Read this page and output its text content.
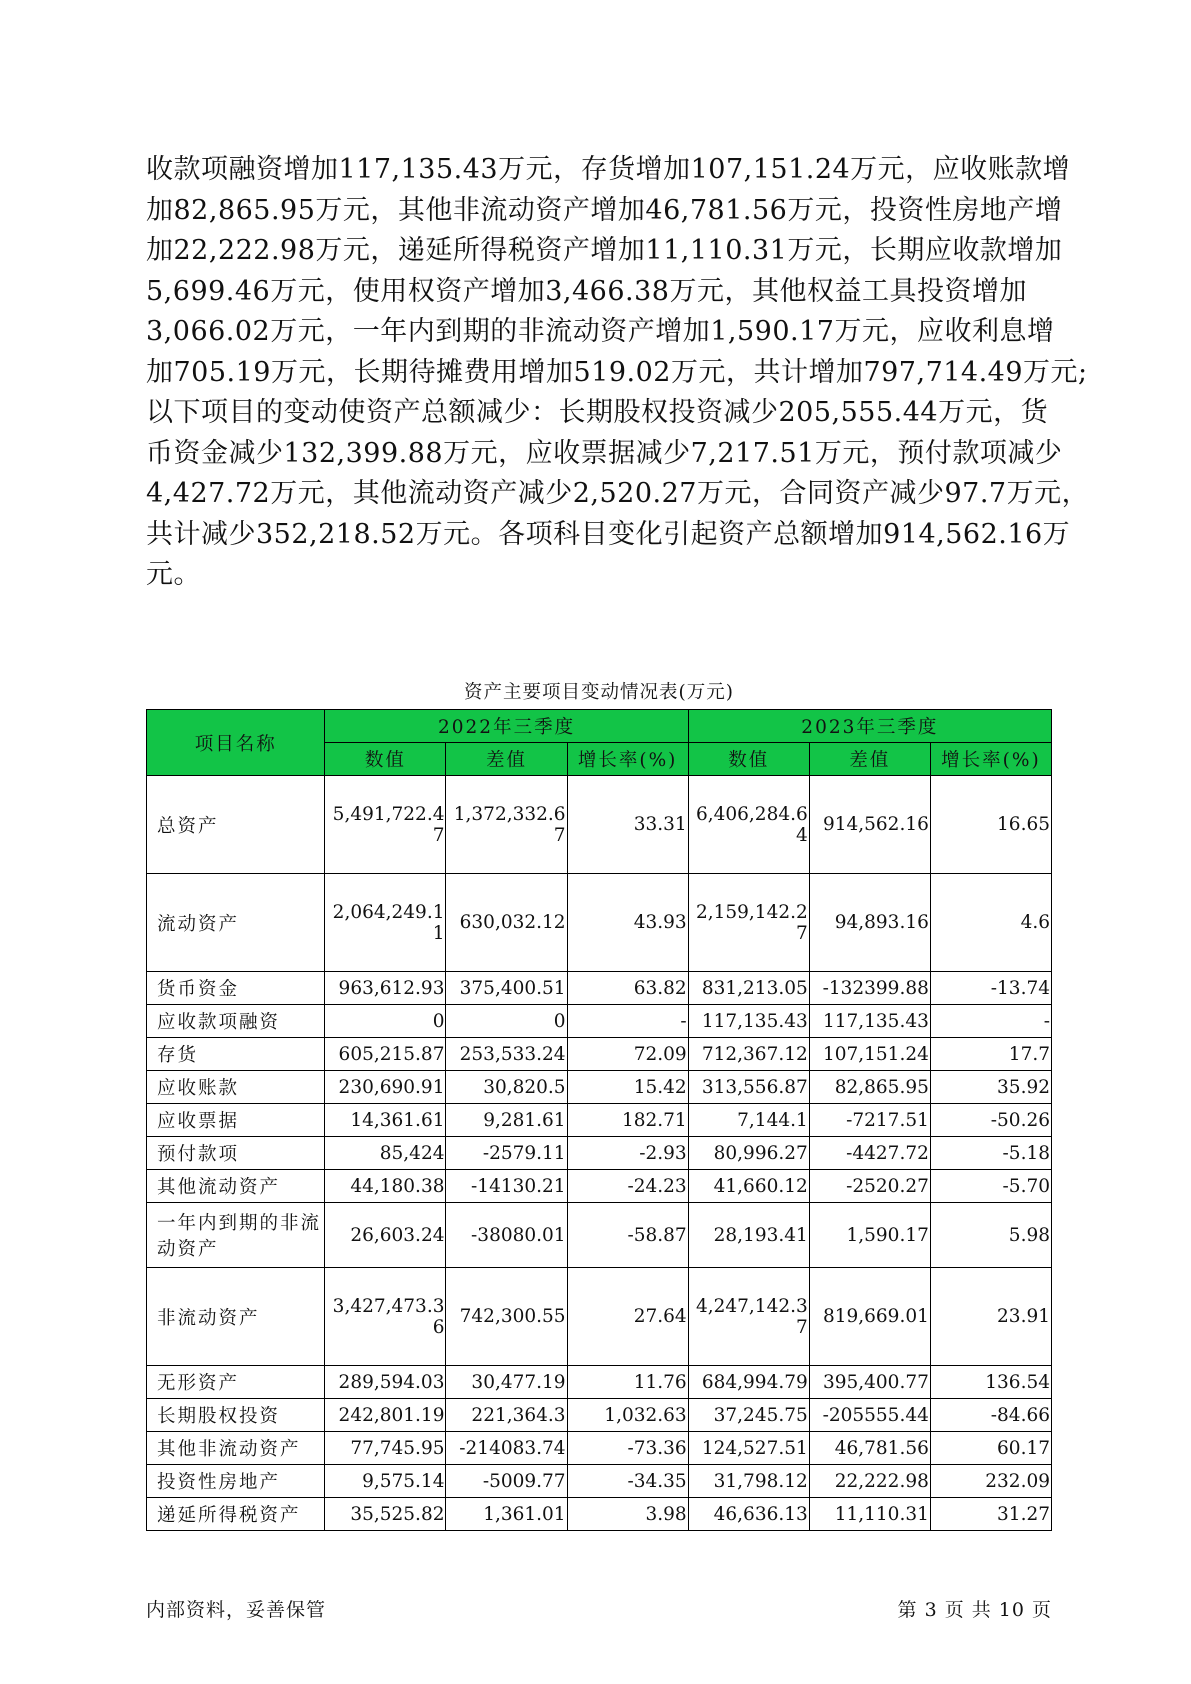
收款项融资增加117,135.43万元，存货增加107,151.24万元，应收账款增
加82,865.95万元，其他非流动资产增加46,781.56万元，投资性房地产增
加22,222.98万元，递延所得税资产增加11,110.31万元，长期应收款增加
5,699.46万元，使用权资产增加3,466.38万元，其他权益工具投资增加
3,066.02万元，一年内到期的非流动资产增加1,590.17万元，应收利息增
加705.19万元，长期待摊费用增加519.02万元，共计增加797,714.49万元;
以下项目的变动使资产总额减少：长期股权投资减少205,555.44万元，货
币资金减少132,399.88万元，应收票据减少7,217.51万元，预付款项减少
4,427.72万元，其他流动资产减少2,520.27万元，合同资产减少97.7万元，
共计减少352,218.52万元。各项科目变化引起资产总额增加914,562.16万
元。
资产主要项目变动情况表(万元)
项目名称	2022年三季度			2023年三季度		
	数值	差值	增长率(%)	数值	差值	增长率(%)
总资产	5,491,722.47	1,372,332.67	33.31	6,406,284.64	914,562.16	16.65
流动资产	2,064,249.11	630,032.12	43.93	2,159,142.27	94,893.16	4.6
货币资金	963,612.93	375,400.51	63.82	831,213.05	-132399.88	-13.74
应收款项融资	0	0	-	117,135.43	117,135.43	-
存货	605,215.87	253,533.24	72.09	712,367.12	107,151.24	17.7
应收账款	230,690.91	30,820.5	15.42	313,556.87	82,865.95	35.92
应收票据	14,361.61	9,281.61	182.71	7,144.1	-7217.51	-50.26
预付款项	85,424	-2579.11	-2.93	80,996.27	-4427.72	-5.18
其他流动资产	44,180.38	-14130.21	-24.23	41,660.12	-2520.27	-5.70
一年内到期的非流动资产	26,603.24	-38080.01	-58.87	28,193.41	1,590.17	5.98
非流动资产	3,427,473.36	742,300.55	27.64	4,247,142.37	819,669.01	23.91
无形资产	289,594.03	30,477.19	11.76	684,994.79	395,400.77	136.54
长期股权投资	242,801.19	221,364.3	1,032.63	37,245.75	-205555.44	-84.66
其他非流动资产	77,745.95	-214083.74	-73.36	124,527.51	46,781.56	60.17
投资性房地产	9,575.14	-5009.77	-34.35	31,798.12	22,222.98	232.09
递延所得税资产	35,525.82	1,361.01	3.98	46,636.13	11,110.31	31.27
内部资料，妥善保管	第 3 页 共 10 页
